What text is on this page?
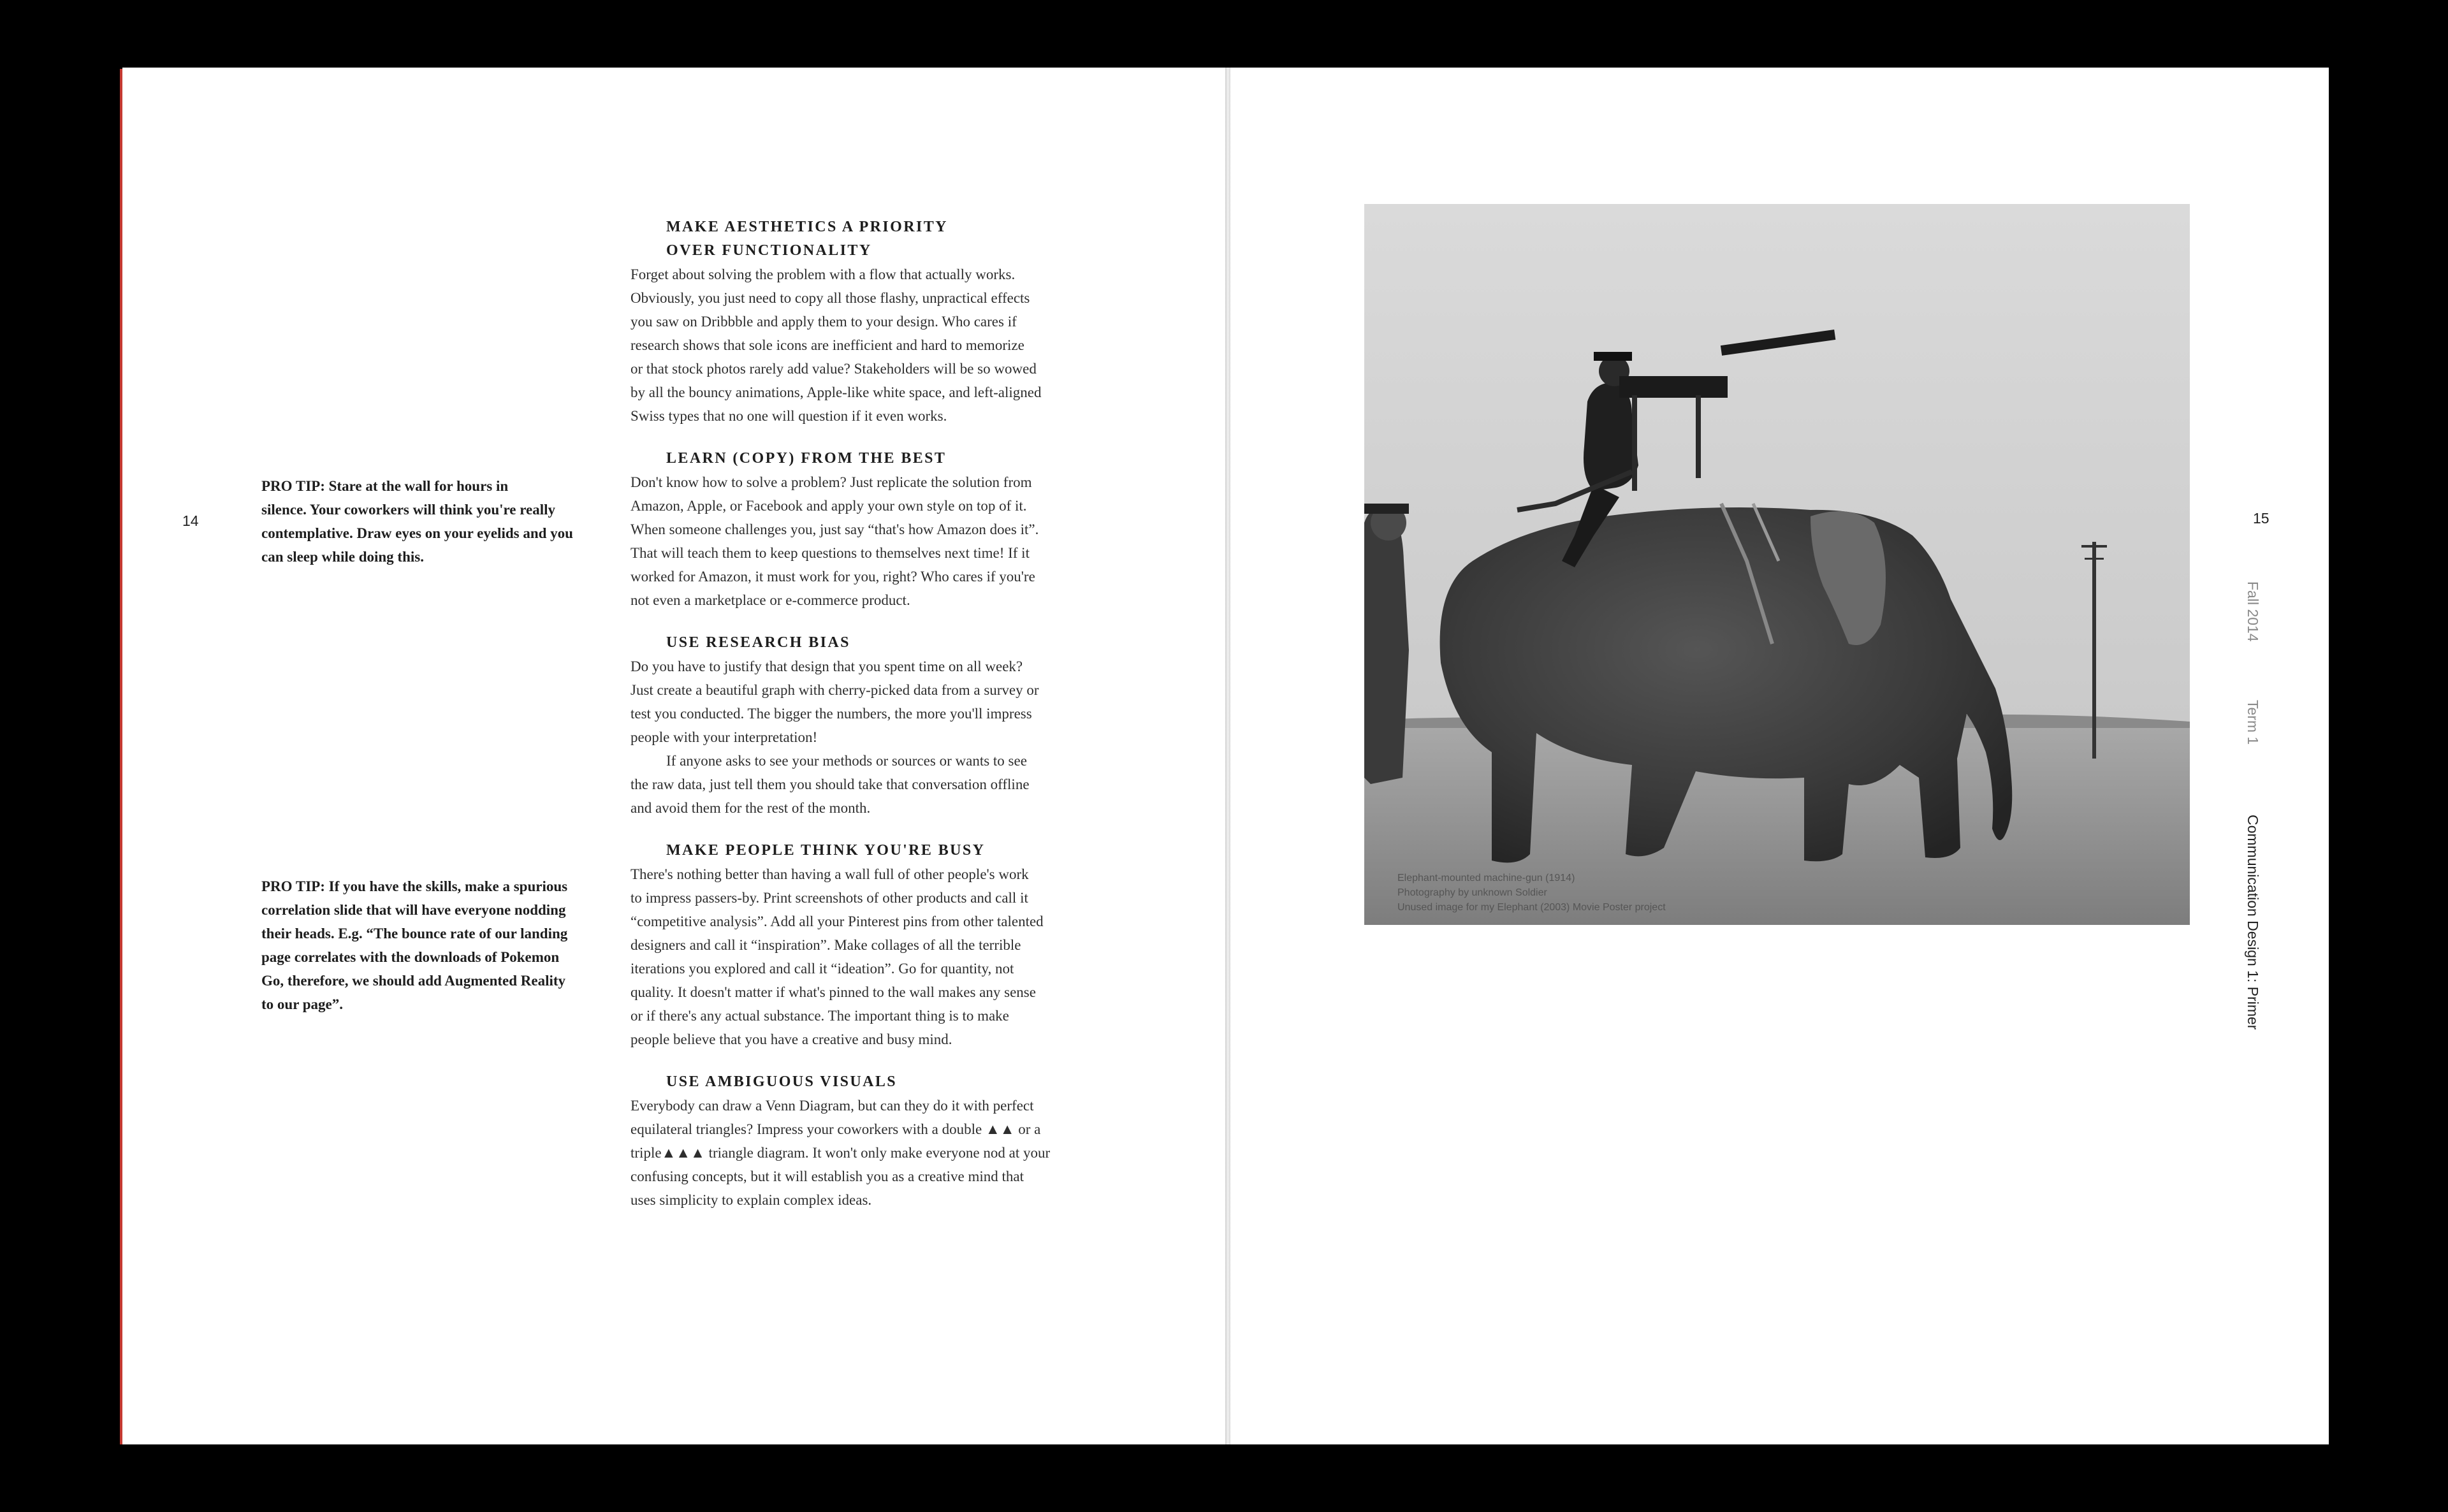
14
PRO TIP: Stare at the wall for hours in
silence. Your coworkers will think you're really
contemplative. Draw eyes on your eyelids and you
can sleep while doing this.
PRO TIP: If you have the skills, make a spurious
correlation slide that will have everyone nodding
their heads. E.g. “The bounce rate of our landing
page correlates with the downloads of Pokemon
Go, therefore, we should add Augmented Reality
to our page”.
MAKE AESTHETICS A PRIORITY
OVER FUNCTIONALITY
Forget about solving the problem with a flow that actually works.
Obviously, you just need to copy all those flashy, unpractical effects
you saw on Dribbble and apply them to your design. Who cares if
research shows that sole icons are inefficient and hard to memorize
or that stock photos rarely add value? Stakeholders will be so wowed
by all the bouncy animations, Apple-like white space, and left-aligned
Swiss types that no one will question if it even works.
LEARN (COPY) FROM THE BEST
Don't know how to solve a problem? Just replicate the solution from
Amazon, Apple, or Facebook and apply your own style on top of it.
When someone challenges you, just say “that's how Amazon does it”.
That will teach them to keep questions to themselves next time! If it
worked for Amazon, it must work for you, right? Who cares if you're
not even a marketplace or e-commerce product.
USE RESEARCH BIAS
Do you have to justify that design that you spent time on all week?
Just create a beautiful graph with cherry-picked data from a survey or
test you conducted. The bigger the numbers, the more you'll impress
people with your interpretation!
If anyone asks to see your methods or sources or wants to see
the raw data, just tell them you should take that conversation offline
and avoid them for the rest of the month.
MAKE PEOPLE THINK YOU'RE BUSY
There's nothing better than having a wall full of other people's work
to impress passers-by. Print screenshots of other products and call it
“competitive analysis”. Add all your Pinterest pins from other talented
designers and call it “inspiration”. Make collages of all the terrible
iterations you explored and call it “ideation”. Go for quantity, not
quality. It doesn't matter if what's pinned to the wall makes any sense
or if there's any actual substance. The important thing is to make
people believe that you have a creative and busy mind.
USE AMBIGUOUS VISUALS
Everybody can draw a Venn Diagram, but can they do it with perfect
equilateral triangles? Impress your coworkers with a double ▲▲ or a
triple▲▲▲ triangle diagram. It won't only make everyone nod at your
confusing concepts, but it will establish you as a creative mind that
uses simplicity to explain complex ideas.
Elephant-mounted machine-gun (1914)
Photography by unknown Soldier
Unused image for my Elephant (2003) Movie Poster project
15
Fall 2014
Term 1
Communication Design 1: Primer
